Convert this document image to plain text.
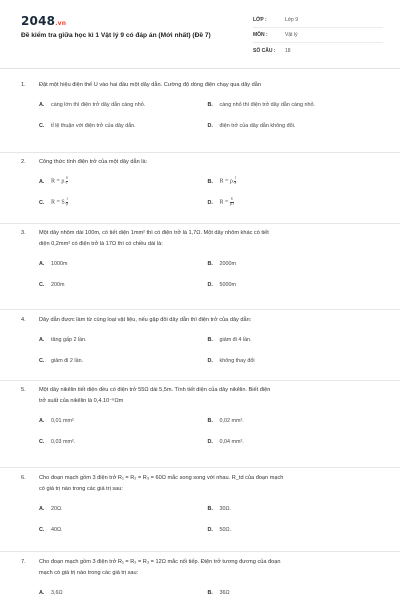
2048.vn
Đề kiểm tra giữa học kì 1 Vật lý 9 có đáp án (Mới nhất) (Đề 7)
LỚP :	Lớp 9
MÔN :	Vật lý
SỐ CÂU :	18
1. Đặt một hiệu điện thế U vào hai đầu một dây dẫn. Cường độ dòng điện chạy qua dây dẫn
A.	càng lớn thì điện trở dây dẫn càng nhỏ.	B.	càng nhỏ thì điện trở dây dẫn càng nhỏ.
C.	tỉ lệ thuận với điện trở của dây dẫn.	D.	điện trở của dây dẫn không đổi.
2. Công thức tính điện trở của một dây dẫn là:
A.	R = ρ. $\frac{S}{l}$	B.	R = ρ. $\frac{l}{S}$
C.	R = S. $\frac{l}{\rho}$	D.	$R = \frac{S}{\rho.l}$
3. Một dây nhôm dài 100m, có tiết diện 1mm² thì có điện trở là 1,7Ω. Một dây nhôm khác có tiết
diện 0,2mm² có điện trở là 17Ω thì có chiều dài là:
A.	1000m	B.	2000m
C.	200m	D.	5000m
4. Dây dẫn được làm từ cùng loại vật liệu, nếu gập đôi dây dẫn thì điện trở của dây dẫn:
A.	tăng gấp 2 lần.	B.	giảm đi 4 lần.
C.	giảm đi 2 lần.	D.	không thay đổi
5. Một dây nikêlin tiết diện đều có điện trở 55Ω dài 5,5m. Tính tiết diện của dây nikêlin. Biết điện
trở suất của nikêlin là 0,4.10⁻⁶Ωm
A.	0,01 mm²	B.	0,02 mm².
C.	0,03 mm².	D.	0,04 mm².
6. Cho đoạn mạch gồm 3 điện trở R₁ = R₂ = R₃ = 60Ω mắc song song với nhau. R_td của đoạn mạch
có giá trị nào trong các giá trị sau:
A.	20Ω.	B.	30Ω.
C.	40Ω.	D.	50Ω.
7. Cho đoạn mạch gồm 3 điện trở R₁ = R₂ = R₃ = 12Ω mắc nối tiếp. Điện trở tương đương của đoạn
mạch có giá trị nào trong các giá trị sau:
A.	3,6Ω	B.	36Ω
